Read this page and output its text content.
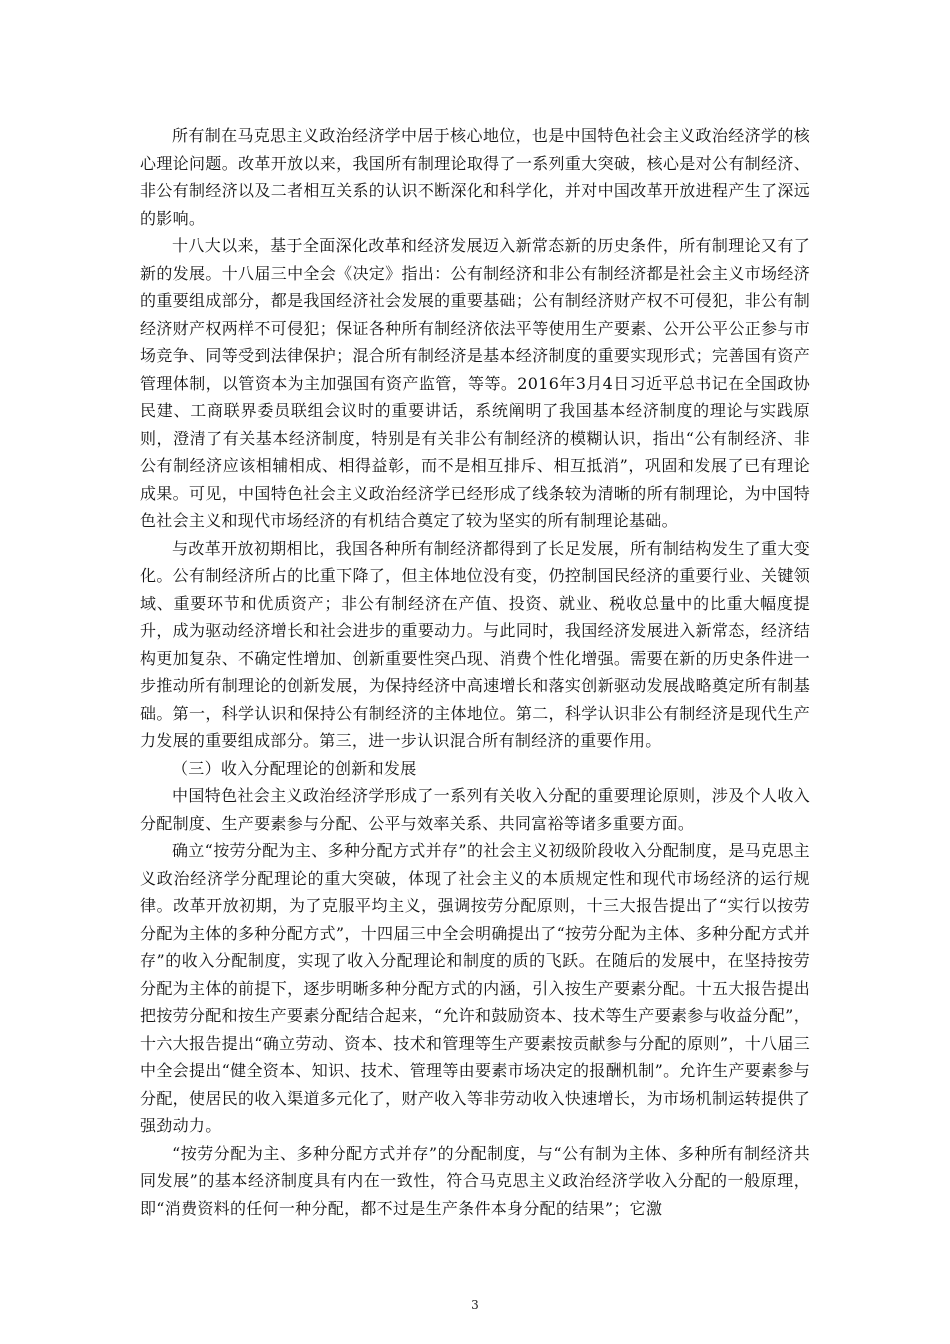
所有制在马克思主义政治经济学中居于核心地位，也是中国特色社会主义政治经济学的核心理论问题。改革开放以来，我国所有制理论取得了一系列重大突破，核心是对公有制经济、非公有制经济以及二者相互关系的认识不断深化和科学化，并对中国改革开放进程产生了深远的影响。

十八大以来，基于全面深化改革和经济发展迈入新常态新的历史条件，所有制理论又有了新的发展。十八届三中全会《决定》指出：公有制经济和非公有制经济都是社会主义市场经济的重要组成部分，都是我国经济社会发展的重要基础；公有制经济财产权不可侵犯，非公有制经济财产权两样不可侵犯；保证各种所有制经济依法平等使用生产要素、公开公平公正参与市场竞争、同等受到法律保护；混合所有制经济是基本经济制度的重要实现形式；完善国有资产管理体制，以管资本为主加强国有资产监管，等等。2016年3月4日习近平总书记在全国政协民建、工商联界委员联组会议时的重要讲话，系统阐明了我国基本经济制度的理论与实践原则，澄清了有关基本经济制度，特别是有关非公有制经济的模糊认识，指出“公有制经济、非公有制经济应该相辅相成、相得益彰，而不是相互排斥、相互抵消”，巩固和发展了已有理论成果。可见，中国特色社会主义政治经济学已经形成了线条较为清晰的所有制理论，为中国特色社会主义和现代市场经济的有机结合奠定了较为坚实的所有制理论基础。

与改革开放初期相比，我国各种所有制经济都得到了长足发展，所有制结构发生了重大变化。公有制经济所占的比重下降了，但主体地位没有变，仍控制国民经济的重要行业、关键领域、重要环节和优质资产；非公有制经济在产值、投资、就业、税收总量中的比重大幅度提升，成为驱动经济增长和社会进步的重要动力。与此同时，我国经济发展进入新常态，经济结构更加复杂、不确定性增加、创新重要性突凸现、消费个性化增强。需要在新的历史条件进一步推动所有制理论的创新发展，为保持经济中高速增长和落实创新驱动发展战略奠定所有制基础。第一，科学认识和保持公有制经济的主体地位。第二，科学认识非公有制经济是现代生产力发展的重要组成部分。第三，进一步认识混合所有制经济的重要作用。

（三）收入分配理论的创新和发展

中国特色社会主义政治经济学形成了一系列有关收入分配的重要理论原则，涉及个人收入分配制度、生产要素参与分配、公平与效率关系、共同富裕等诸多重要方面。

确立“按劳分配为主、多种分配方式并存”的社会主义初级阶段收入分配制度，是马克思主义政治经济学分配理论的重大突破，体现了社会主义的本质规定性和现代市场经济的运行规律。改革开放初期，为了克服平均主义，强调按劳分配原则，十三大报告提出了“实行以按劳分配为主体的多种分配方式”，十四届三中全会明确提出了“按劳分配为主体、多种分配方式并存”的收入分配制度，实现了收入分配理论和制度的质的飞跃。在随后的发展中，在坚持按劳分配为主体的前提下，逐步明晰多种分配方式的内涵，引入按生产要素分配。十五大报告提出把按劳分配和按生产要素分配结合起来，“允许和鼓励资本、技术等生产要素参与收益分配”，十六大报告提出“确立劳动、资本、技术和管理等生产要素按贡献参与分配的原则”，十八届三中全会提出“健全资本、知识、技术、管理等由要素市场决定的报酬机制”。允许生产要素参与分配，使居民的收入渠道多元化了，财产收入等非劳动收入快速增长，为市场机制运转提供了强劲动力。

“按劳分配为主、多种分配方式并存”的分配制度，与“公有制为主体、多种所有制经济共同发展”的基本经济制度具有内在一致性，符合马克思主义政治经济学收入分配的一般原理，即“消费资料的任何一种分配，都不过是生产条件本身分配的结果”；它激

3
